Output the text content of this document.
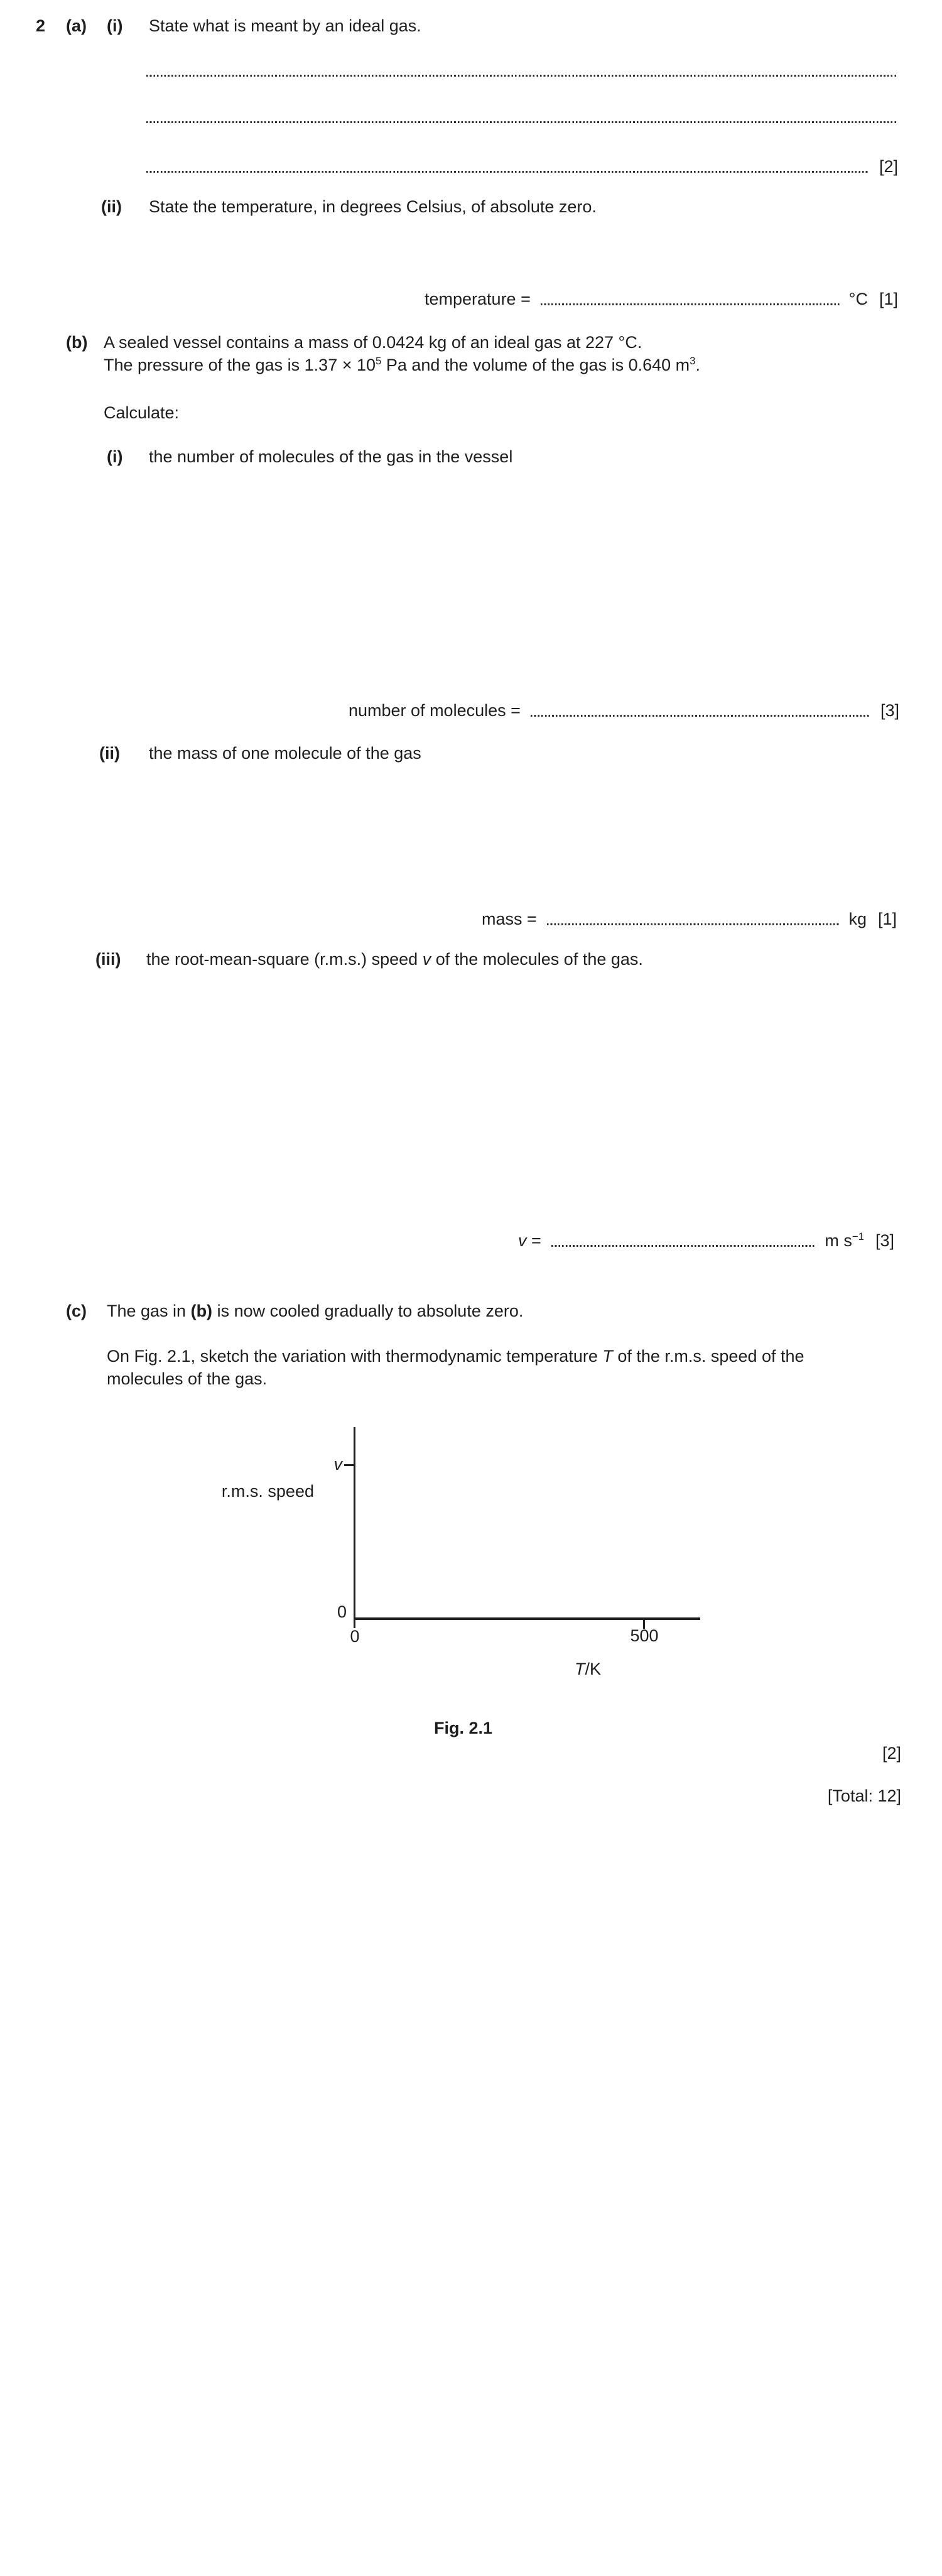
2 (a) (i) State what is meant by an ideal gas.
[2]
(ii) State the temperature, in degrees Celsius, of absolute zero.
temperature =	°C [1]
(b) A sealed vessel contains a mass of 0.0424 kg of an ideal gas at 227 °C.
The pressure of the gas is $1.37 \times 10^5$ Pa and the volume of the gas is 0.640 $m^3$.
Calculate:
(i) the number of molecules of the gas in the vessel
number of molecules =	[3]
(ii) the mass of one molecule of the gas
mass =	kg [1]
(iii) the root-mean-square (r.m.s.) speed v of the molecules of the gas.
v =	m $s^{-1}$ [3]
(c) The gas in (b) is now cooled gradually to absolute zero.
On Fig. 2.1, sketch the variation with thermodynamic temperature T of the r.m.s. speed of the
molecules of the gas.
v
r.m.s. speed
0
0	500
T/K
Fig. 2.1
[2]
[Total: 12]
